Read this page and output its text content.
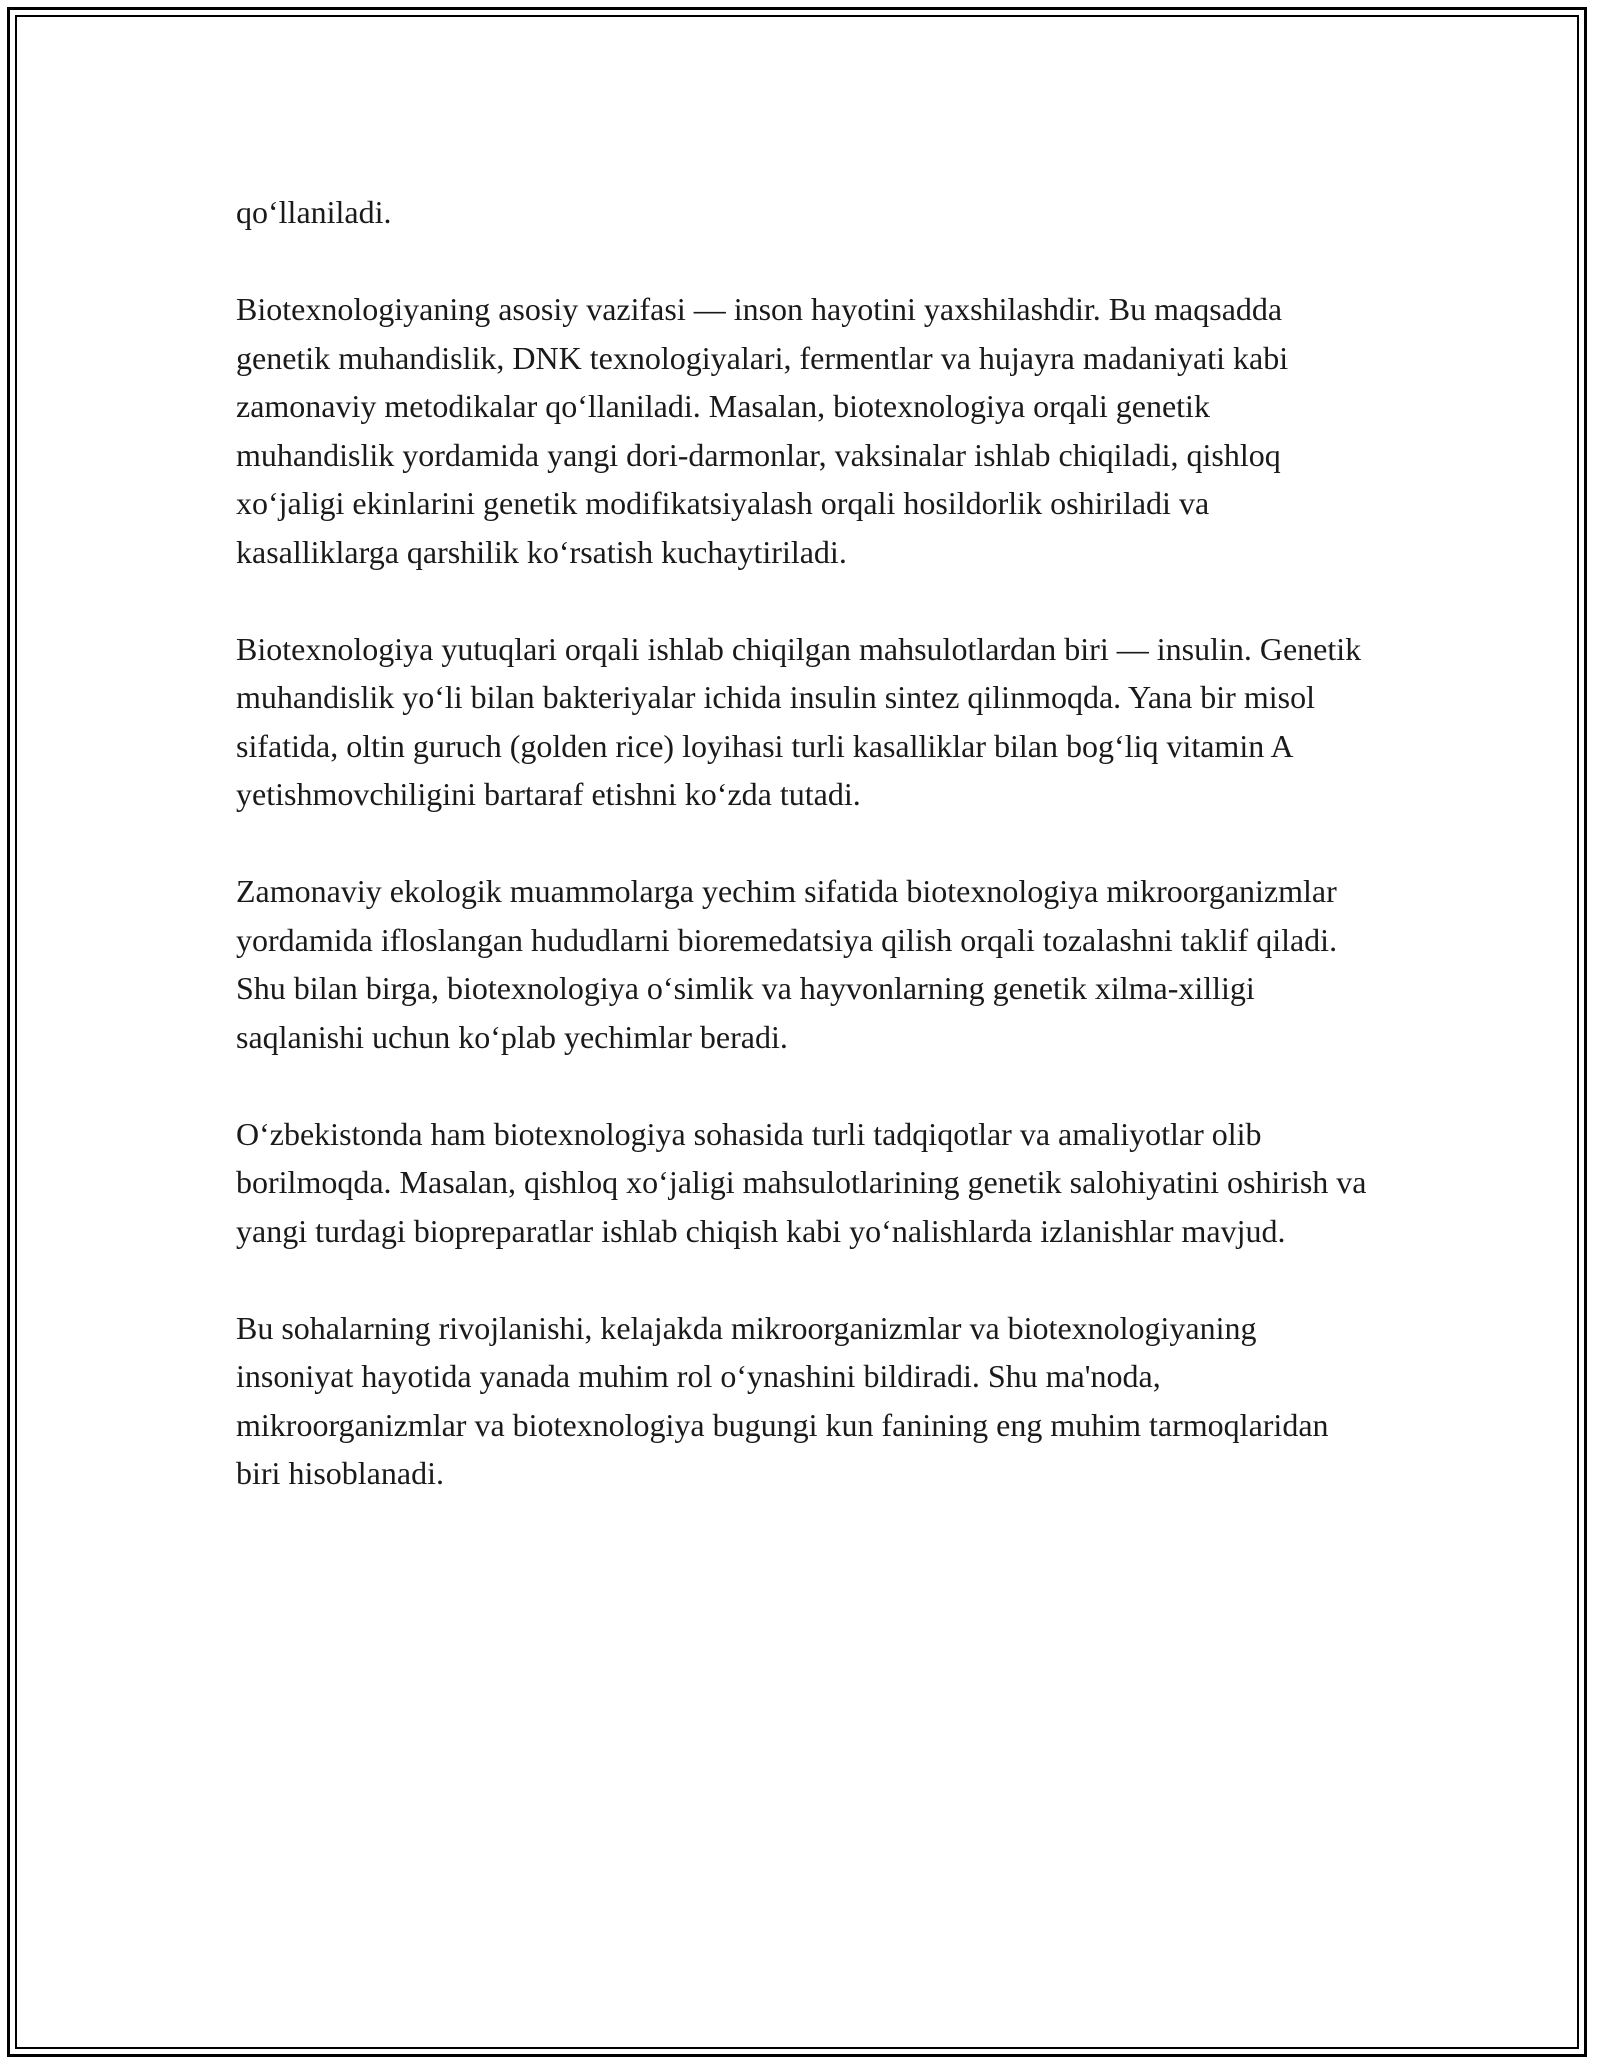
qo‘llaniladi.

Biotexnologiyaning asosiy vazifasi — inson hayotini yaxshilashdir. Bu maqsadda genetik muhandislik, DNK texnologiyalari, fermentlar va hujayra madaniyati kabi zamonaviy metodikalar qo‘llaniladi. Masalan, biotexnologiya orqali genetik muhandislik yordamida yangi dori-darmonlar, vaksinalar ishlab chiqiladi, qishloq xo‘jaligi ekinlarini genetik modifikatsiyalash orqali hosildorlik oshiriladi va kasalliklarga qarshilik ko‘rsatish kuchaytiriladi.

Biotexnologiya yutuqlari orqali ishlab chiqilgan mahsulotlardan biri — insulin. Genetik muhandislik yo‘li bilan bakteriyalar ichida insulin sintez qilinmoqda. Yana bir misol sifatida, oltin guruch (golden rice) loyihasi turli kasalliklar bilan bog‘liq vitamin A yetishmovchiligini bartaraf etishni ko‘zda tutadi.

Zamonaviy ekologik muammolarga yechim sifatida biotexnologiya mikroorganizmlar yordamida ifloslangan hududlarni bioremedatsiya qilish orqali tozalashni taklif qiladi. Shu bilan birga, biotexnologiya o‘simlik va hayvonlarning genetik xilma-xilligi saqlanishi uchun ko‘plab yechimlar beradi.

O‘zbekistonda ham biotexnologiya sohasida turli tadqiqotlar va amaliyotlar olib borilmoqda. Masalan, qishloq xo‘jaligi mahsulotlarining genetik salohiyatini oshirish va yangi turdagi biopreparatlar ishlab chiqish kabi yo‘nalishlarda izlanishlar mavjud.

Bu sohalarning rivojlanishi, kelajakda mikroorganizmlar va biotexnologiyaning insoniyat hayotida yanada muhim rol o‘ynashini bildiradi. Shu ma'noda, mikroorganizmlar va biotexnologiya bugungi kun fanining eng muhim tarmoqlaridan biri hisoblanadi.
